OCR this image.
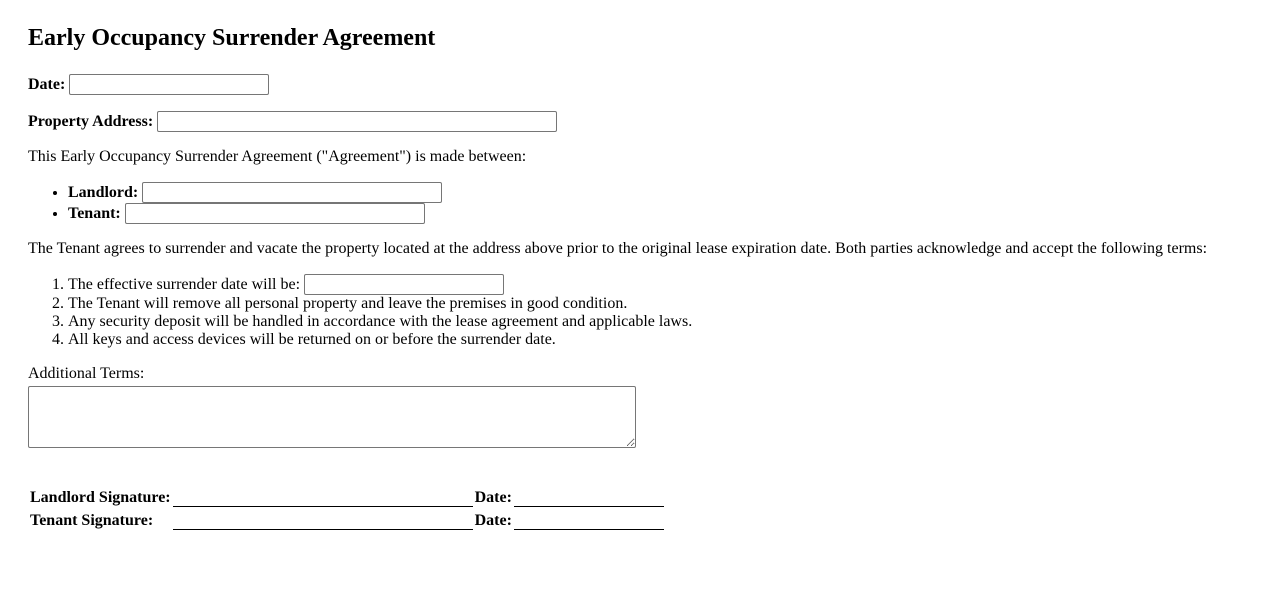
Early Occupancy Surrender Agreement

Date:

Property Address:

This Early Occupancy Surrender Agreement ("Agreement") is made between:

• Landlord:
• Tenant:

The Tenant agrees to surrender and vacate the property located at the address above prior to the original lease expiration date. Both parties acknowledge and accept the following terms:

1. The effective surrender date will be:
2. The Tenant will remove all personal property and leave the premises in good condition.
3. Any security deposit will be handled in accordance with the lease agreement and applicable laws.
4. All keys and access devices will be returned on or before the surrender date.

Additional Terms:

Landlord Signature:		Date:	
Tenant Signature:		Date:	
